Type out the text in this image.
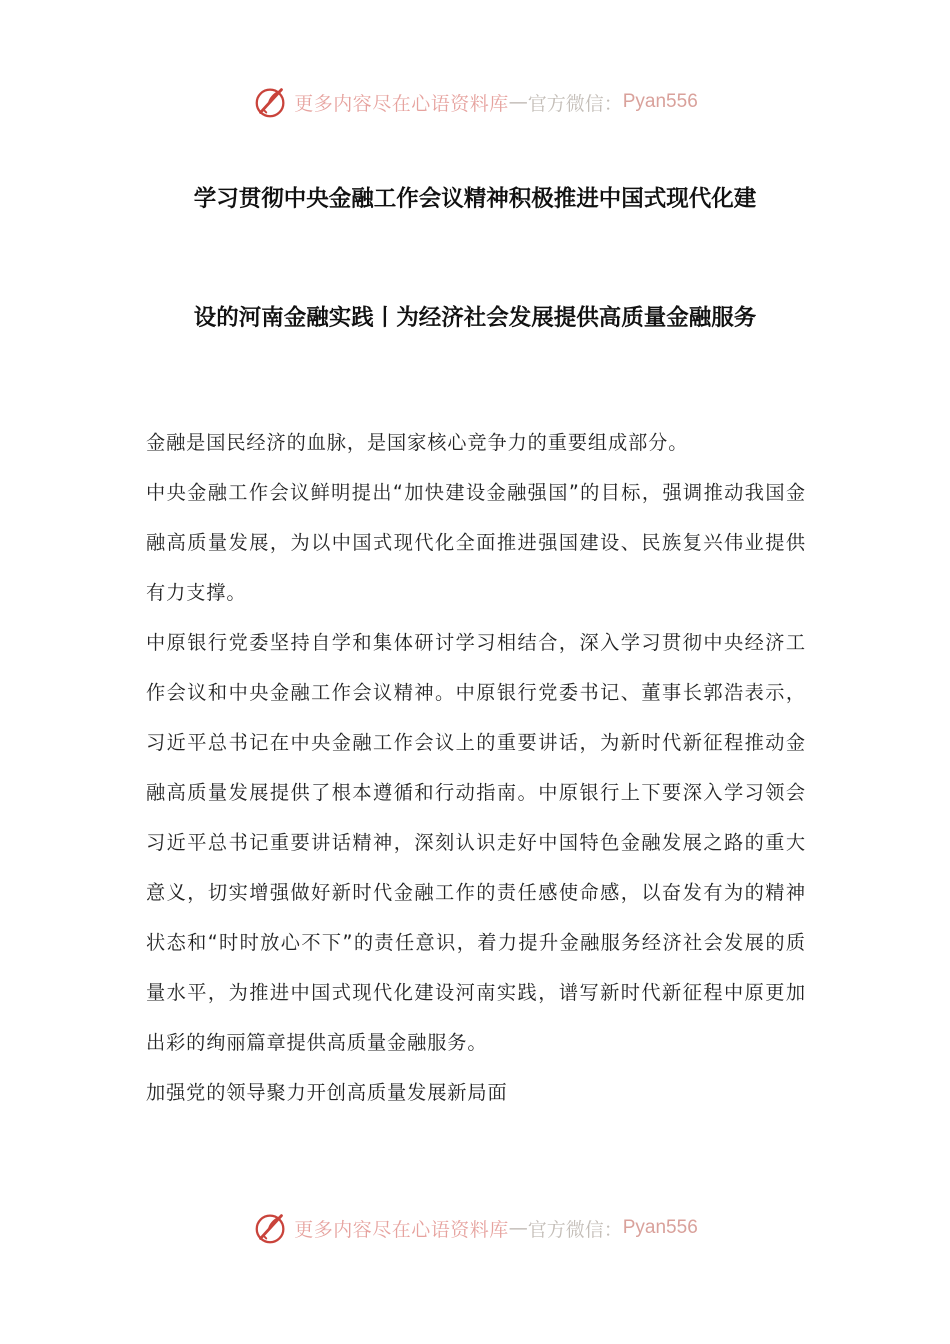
更多内容尽在心语资料库 — 官方微信： Pyan556
学习贯彻中央金融工作会议精神积极推进中国式现代化建
设的河南金融实践丨为经济社会发展提供高质量金融服务

金融是国民经济的血脉，是国家核心竞争力的重要组成部分。

中央金融工作会议鲜明提出“加快建设金融强国”的目标，强调推动我国金融高质量发展，为以中国式现代化全面推进强国建设、民族复兴伟业提供有力支撑。

中原银行党委坚持自学和集体研讨学习相结合，深入学习贯彻中央经济工作会议和中央金融工作会议精神。中原银行党委书记、董事长郭浩表示，习近平总书记在中央金融工作会议上的重要讲话，为新时代新征程推动金融高质量发展提供了根本遵循和行动指南。中原银行上下要深入学习领会习近平总书记重要讲话精神，深刻认识走好中国特色金融发展之路的重大意义，切实增强做好新时代金融工作的责任感使命感，以奋发有为的精神状态和“时时放心不下”的责任意识，着力提升金融服务经济社会发展的质量水平，为推进中国式现代化建设河南实践，谱写新时代新征程中原更加出彩的绚丽篇章提供高质量金融服务。

加强党的领导聚力开创高质量发展新局面

更多内容尽在心语资料库 — 官方微信： Pyan556
